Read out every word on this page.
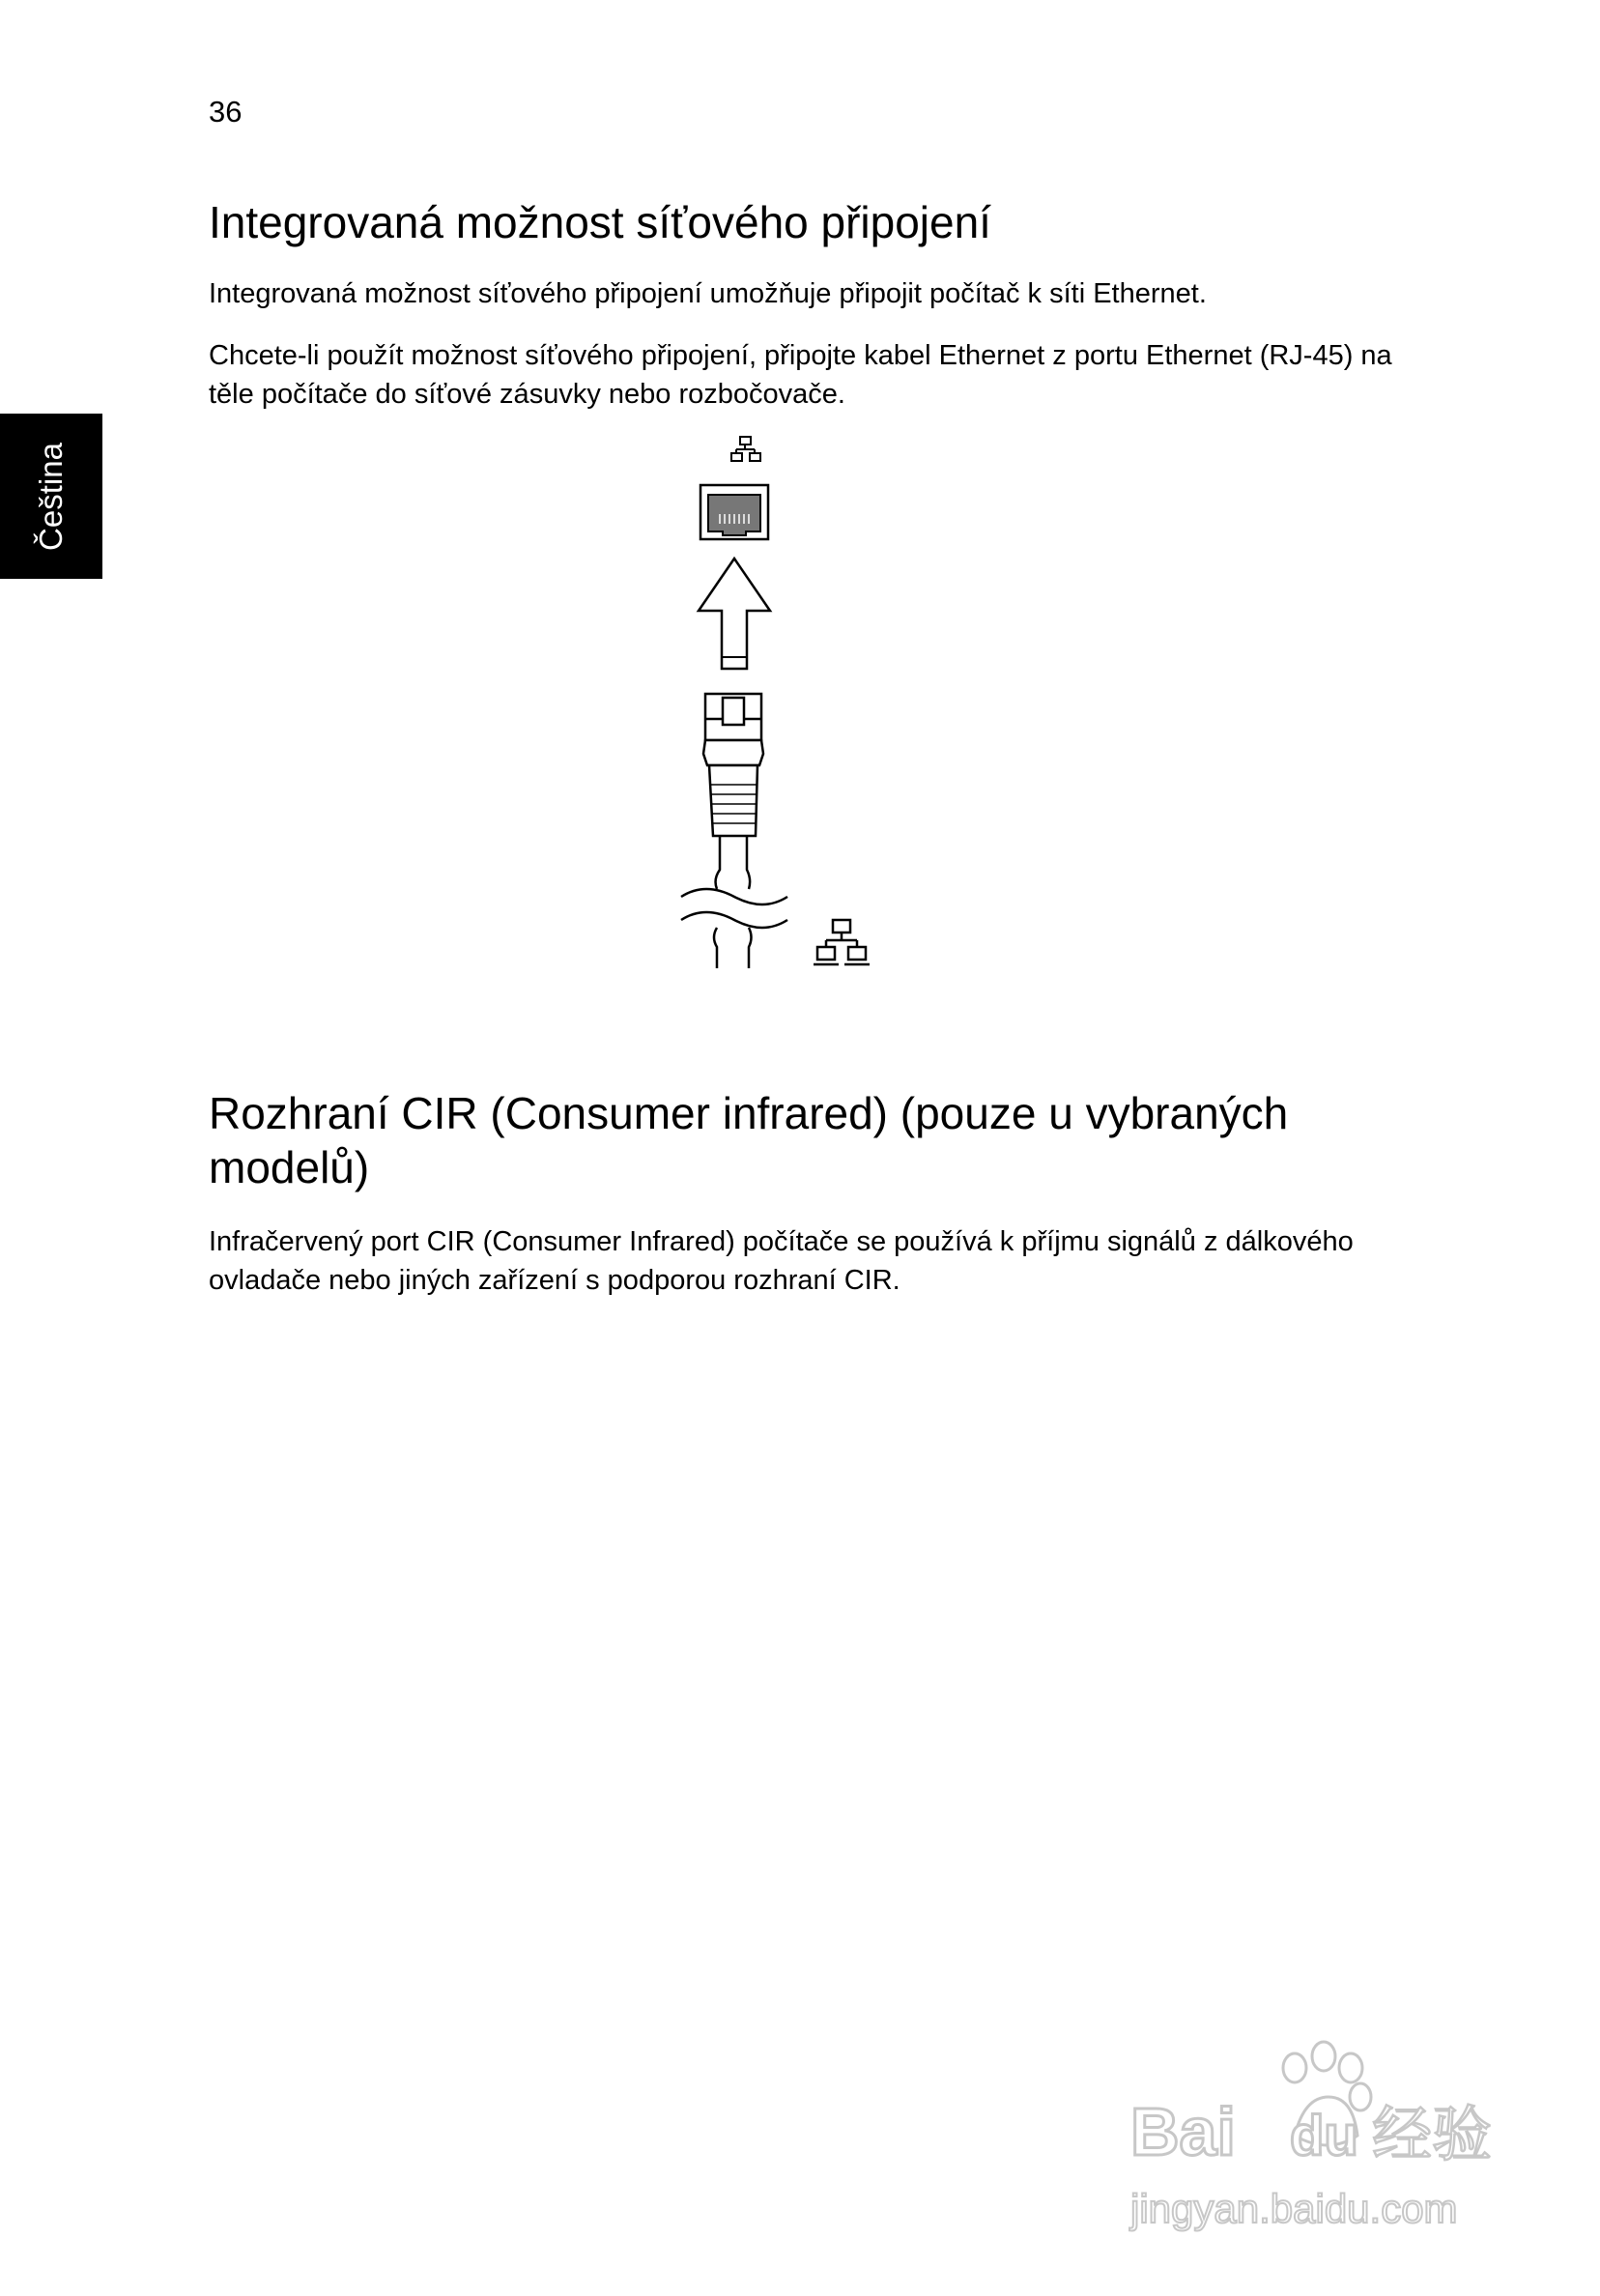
36
Čeština
Integrovaná možnost síťového připojení

Integrovaná možnost síťového připojení umožňuje připojit počítač k síti Ethernet.

Chcete-li použít možnost síťového připojení, připojte kabel Ethernet z portu Ethernet (RJ-45) na těle počítače do síťové zásuvky nebo rozbočovače.

Rozhraní CIR (Consumer infrared) (pouze u vybraných modelů)

Infračervený port CIR (Consumer Infrared) počítače se používá k příjmu signálů z dálkového ovladače nebo jiných zařízení s podporou rozhraní CIR.

Bai du 经验
jingyan.baidu.com
